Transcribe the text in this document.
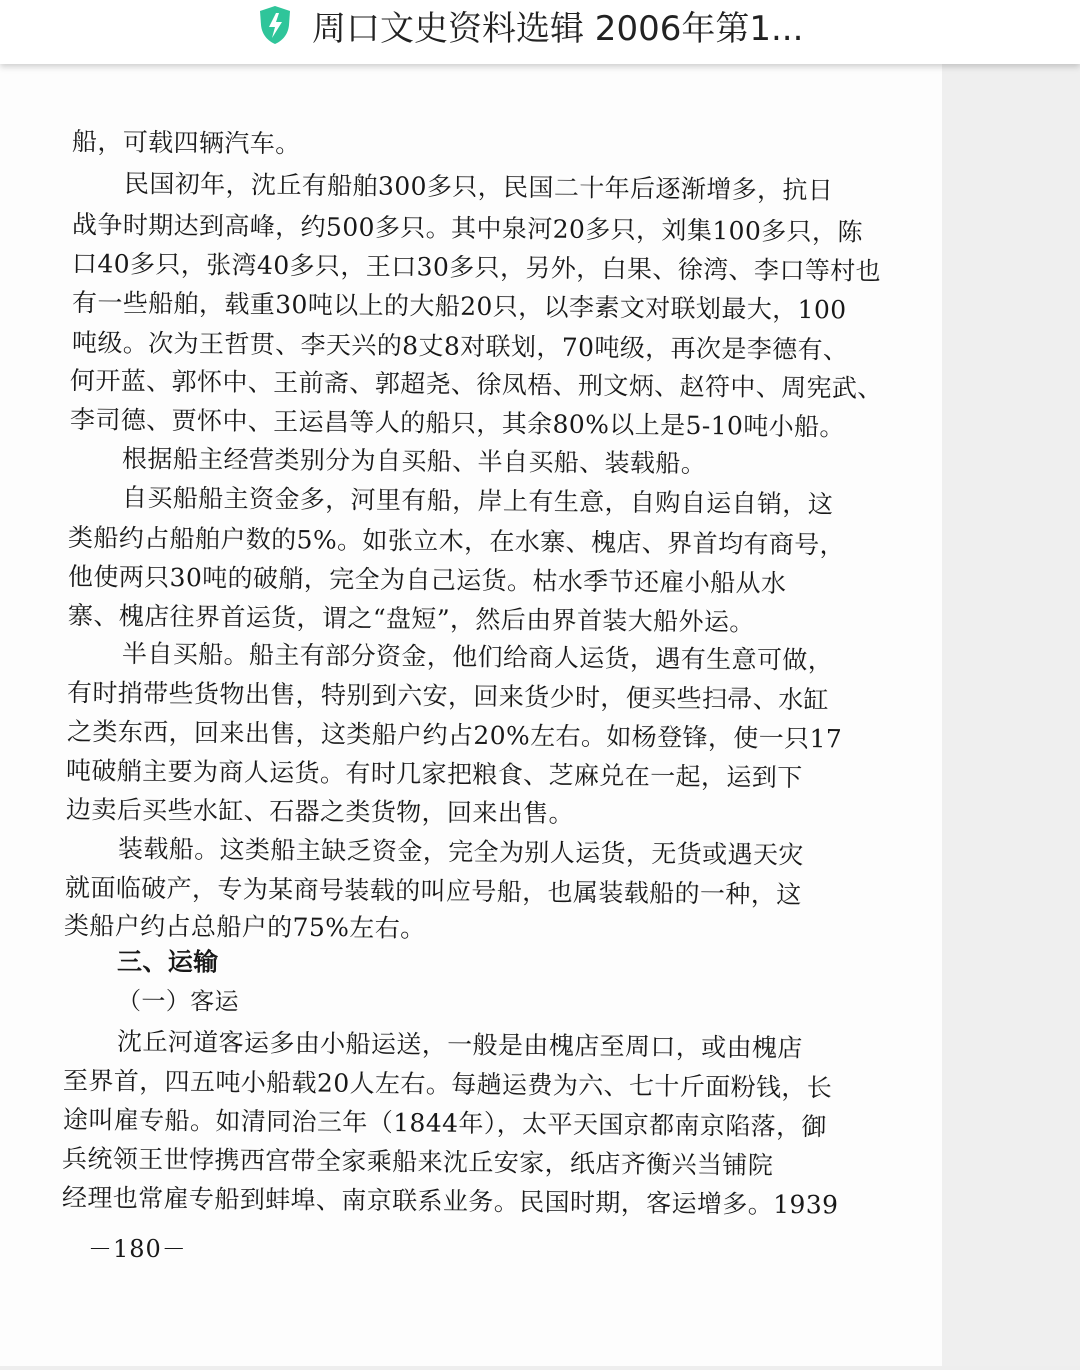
周口文史资料选辑 2006年第1...
船，可载四辆汽车。
民国初年，沈丘有船舶300多只，民国二十年后逐渐增多，抗日
战争时期达到高峰，约500多只。其中泉河20多只，刘集100多只，陈
口40多只，张湾40多只，王口30多只，另外，白果、徐湾、李口等村也
有一些船舶，载重30吨以上的大船20只，以李素文对联划最大，100
吨级。次为王哲贯、李天兴的8丈8对联划，70吨级，再次是李德有、
何开蓝、郭怀中、王前斋、郭超尧、徐凤梧、刑文炳、赵符中、周宪武、
李司德、贾怀中、王运昌等人的船只，其余80%以上是5-10吨小船。
根据船主经营类别分为自买船、半自买船、装载船。
自买船船主资金多，河里有船，岸上有生意，自购自运自销，这
类船约占船舶户数的5%。如张立木，在水寨、槐店、界首均有商号，
他使两只30吨的破艄，完全为自己运货。枯水季节还雇小船从水
寨、槐店往界首运货，谓之“盘短”，然后由界首装大船外运。
半自买船。船主有部分资金，他们给商人运货，遇有生意可做，
有时捎带些货物出售，特别到六安，回来货少时，便买些扫帚、水缸
之类东西，回来出售，这类船户约占20%左右。如杨登锋，使一只17
吨破艄主要为商人运货。有时几家把粮食、芝麻兑在一起，运到下
边卖后买些水缸、石器之类货物，回来出售。
装载船。这类船主缺乏资金，完全为别人运货，无货或遇天灾
就面临破产，专为某商号装载的叫应号船，也属装载船的一种，这
类船户约占总船户的75%左右。
三、运输
（一）客运
沈丘河道客运多由小船运送，一般是由槐店至周口，或由槐店
至界首，四五吨小船载20人左右。每趟运费为六、七十斤面粉钱，长
途叫雇专船。如清同治三年（1844年），太平天国京都南京陷落，御
兵统领王世悖携西宫带全家乘船来沈丘安家，纸店齐衡兴当铺院
经理也常雇专船到蚌埠、南京联系业务。民国时期，客运增多。1939
－180－
